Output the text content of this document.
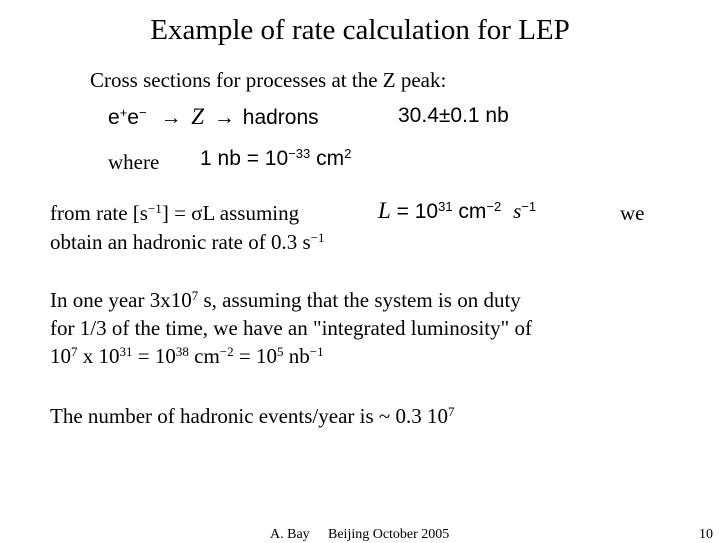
Example of rate calculation for LEP
Cross sections for processes at the Z peak:
e+e− → Z → hadrons	30.4±0.1 nb
where 1 nb = $10^{-33}$ $cm^2$
from rate $[s^{-1}] = \sigma L$ assuming	$L = 10^{31}$ $cm^{-2}$ $s^{-1}$	we
obtain an hadronic rate of 0.3 $s^{-1}$
In one year $3x10^7$ s, assuming that the system is on duty
for 1/3 of the time, we have an "integrated luminosity" of
$10^7$ x $10^{31} = 10^{38}$ $cm^{-2} = 10^5$ $nb^{-1}$
The number of hadronic events/year is ~ 0.3 $10^7$
A. Bay Beijing October 2005	10
